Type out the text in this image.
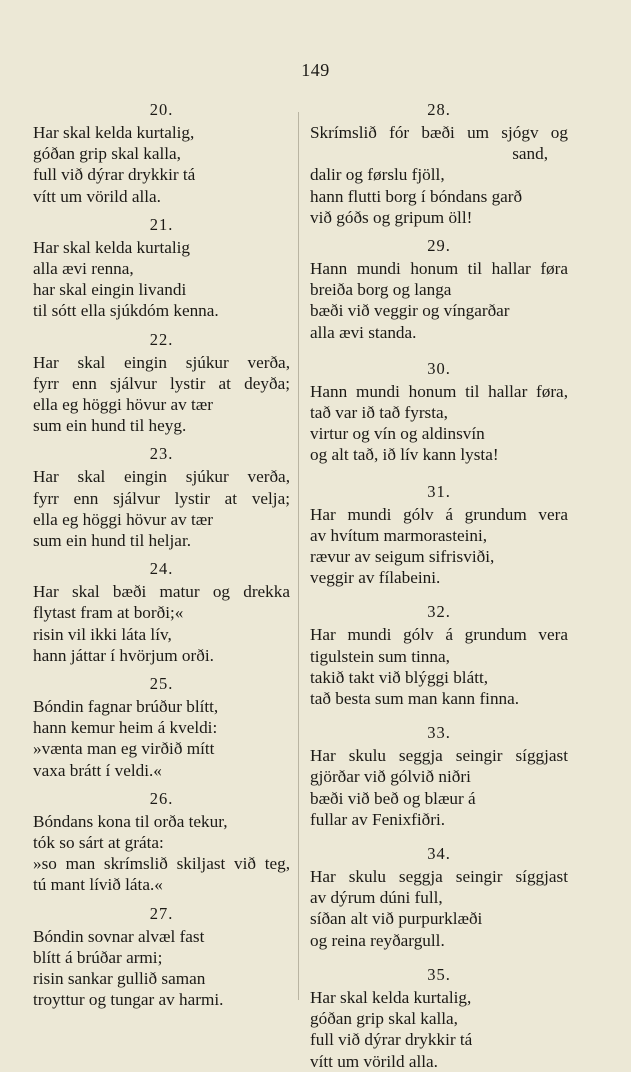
149
20.
Har skal kelda kurtalig,
góðan grip skal kalla,
full við dýrar drykkir tá
vítt um vörild alla.
21.
Har skal kelda kurtalig
alla ævi renna,
har skal eingin livandi
til sótt ella sjúkdóm kenna.
22.
Har skal eingin sjúkur verða,
fyrr enn sjálvur lystir at deyða;
ella eg höggi hövur av tær
sum ein hund til heyg.
23.
Har skal eingin sjúkur verða,
fyrr enn sjálvur lystir at velja;
ella eg höggi hövur av tær
sum ein hund til heljar.
24.
Har skal bæði matur og drekka
flytast fram at borði;«
risin vil ikki láta lív,
hann játtar í hvörjum orði.
25.
Bóndin fagnar brúður blítt,
hann kemur heim á kveldi:
»vænta man eg virðið mítt
vaxa brátt í veldi.«
26.
Bóndans kona til orða tekur,
tók so sárt at gráta:
»so man skrímslið skiljast við teg,
tú mant lívið láta.«
27.
Bóndin sovnar alvæl fast
blítt á brúðar armi;
risin sankar gullið saman
troyttur og tungar av harmi.
28.
Skrímslið fór bæði um sjógv og
sand,
dalir og førslu fjöll,
hann flutti borg í bóndans garð
við góðs og gripum öll!
29.
Hann mundi honum til hallar føra
breiða borg og langa
bæði við veggir og víngarðar
alla ævi standa.
30.
Hann mundi honum til hallar føra,
tað var ið tað fyrsta,
virtur og vín og aldinsvín
og alt tað, ið lív kann lysta!
31.
Har mundi gólv á grundum vera
av hvítum marmorasteini,
rævur av seigum sifrisviði,
veggir av fílabeini.
32.
Har mundi gólv á grundum vera
tigulstein sum tinna,
takið takt við blýggi blátt,
tað besta sum man kann finna.
33.
Har skulu seggja seingir síggjast
gjörðar við gólvið niðri
bæði við beð og blæur á
fullar av Fenixfiðri.
34.
Har skulu seggja seingir síggjast
av dýrum dúni full,
síðan alt við purpurklæði
og reina reyðargull.
35.
Har skal kelda kurtalig,
góðan grip skal kalla,
full við dýrar drykkir tá
vítt um vörild alla.
